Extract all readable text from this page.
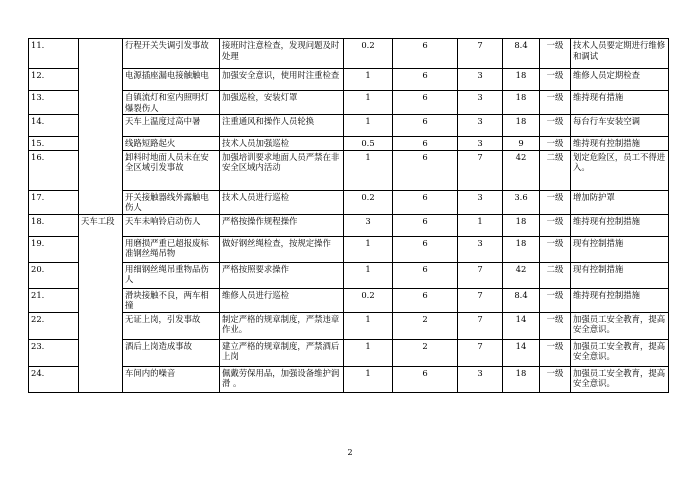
11.		行程开关失调引发事故	接班时注意检查，发现问题及时处理	0.2	6	7	8.4	一级	技术人员要定期进行维修和调试
12.		电源插座漏电接触触电	加强安全意识，使用时注重检查	1	6	3	18	一级	维修人员定期检查
13.		自镇流灯和室内照明灯爆裂伤人	加强巡检，安装灯罩	1	6	3	18	一级	维持现有措施
14.		天车上温度过高中暑	注重通风和操作人员轮换	1	6	3	18	一级	每台行车安装空调
15.		线路短路起火	技术人员加强巡检	0.5	6	3	9	一级	维持现有控制措施
16.		卸料时地面人员未在安全区域引发事故	加强培训要求地面人员严禁在非安全区域内活动	1	6	7	42	二级	划定危险区，员工不得进入。
17.		开关接触器线外露触电伤人	技术人员进行巡检	0.2	6	3	3.6	一级	增加防护罩
18.	天车工段	天车未响铃启动伤人	严格按操作规程操作	3	6	1	18	一级	维持现有控制措施
19.		用磨损严重已超报废标准钢丝绳吊物	做好钢丝绳检查，按规定操作	1	6	3	18	一级	现有控制措施
20.		用细钢丝绳吊重物品伤人	严格按照要求操作	1	6	7	42	二级	现有控制措施
21.		滑块接触不良，两车相撞	维修人员进行巡检	0.2	6	7	8.4	一级	维持现有控制措施
22.		无证上岗，引发事故	制定严格的规章制度，严禁违章作业。	1	2	7	14	一级	加强员工安全教育，提高安全意识。
23.		酒后上岗造成事故	建立严格的规章制度，严禁酒后上岗	1	2	7	14	一级	加强员工安全教育，提高安全意识。
24.		车间内的噪音	佩戴劳保用品，加强设备维护润滑 。	1	6	3	18	一级	加强员工安全教育，提高安全意识。
2
